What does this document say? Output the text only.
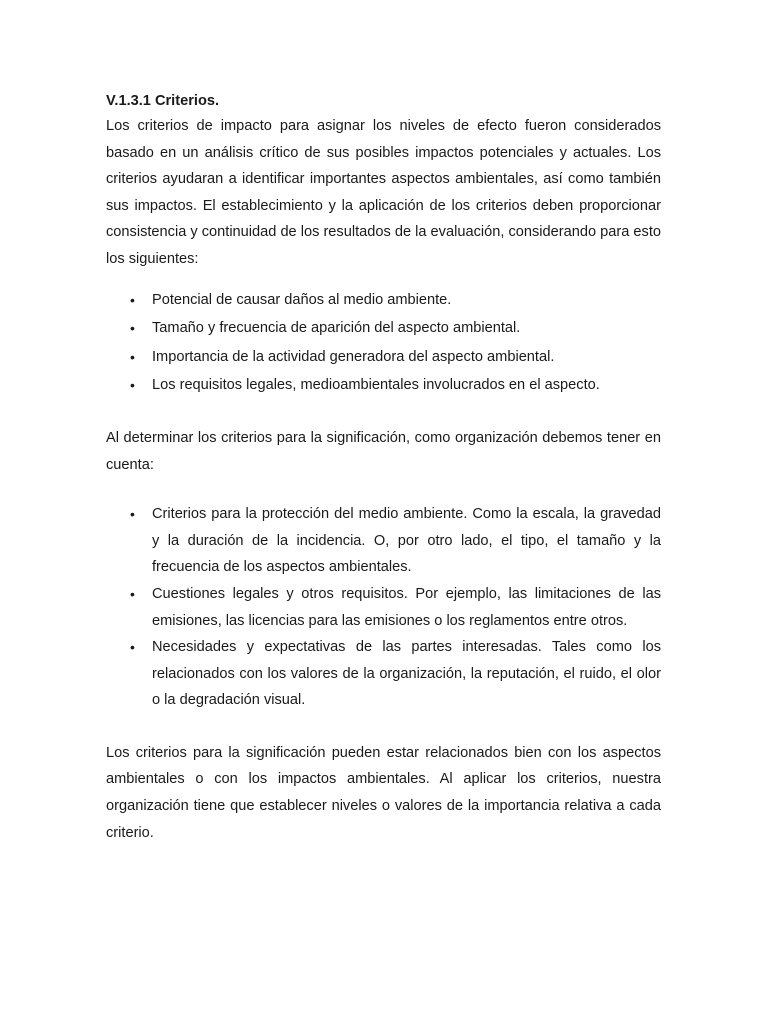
V.1.3.1 Criterios.

Los criterios de impacto para asignar los niveles de efecto fueron considerados basado en un análisis crítico de sus posibles impactos potenciales y actuales. Los criterios ayudaran a identificar importantes aspectos ambientales, así como también sus impactos. El establecimiento y la aplicación de los criterios deben proporcionar consistencia y continuidad de los resultados de la evaluación, considerando para esto los siguientes:

• Potencial de causar daños al medio ambiente.
• Tamaño y frecuencia de aparición del aspecto ambiental.
• Importancia de la actividad generadora del aspecto ambiental.
• Los requisitos legales, medioambientales involucrados en el aspecto.

Al determinar los criterios para la significación, como organización debemos tener en cuenta:

• Criterios para la protección del medio ambiente. Como la escala, la gravedad y la duración de la incidencia. O, por otro lado, el tipo, el tamaño y la frecuencia de los aspectos ambientales.
• Cuestiones legales y otros requisitos. Por ejemplo, las limitaciones de las emisiones, las licencias para las emisiones o los reglamentos entre otros.
• Necesidades y expectativas de las partes interesadas. Tales como los relacionados con los valores de la organización, la reputación, el ruido, el olor o la degradación visual.

Los criterios para la significación pueden estar relacionados bien con los aspectos ambientales o con los impactos ambientales. Al aplicar los criterios, nuestra organización tiene que establecer niveles o valores de la importancia relativa a cada criterio.
